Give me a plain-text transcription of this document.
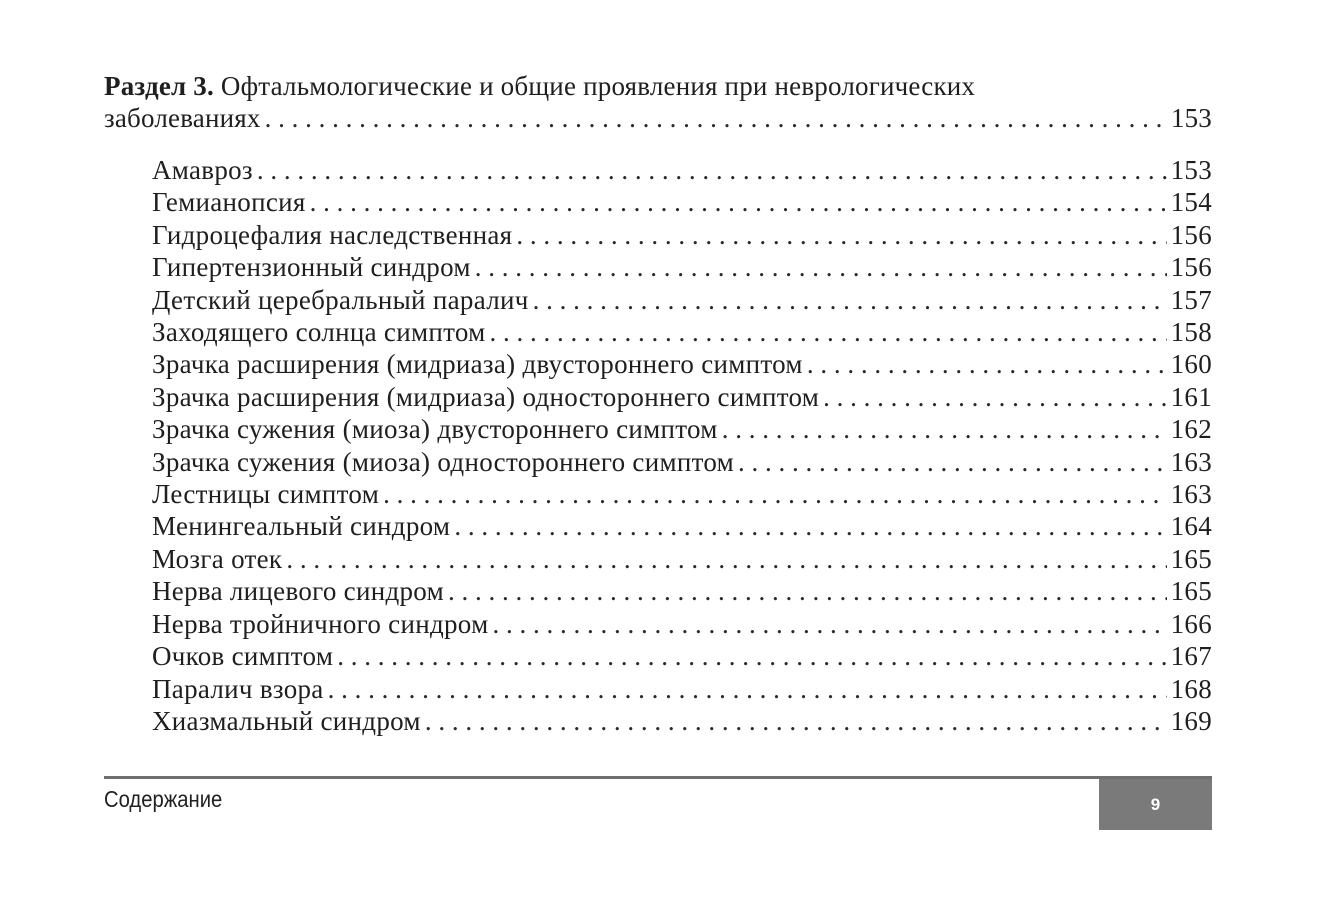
Раздел 3. Офтальмологические и общие проявления при неврологических
заболеваниях . . .	153
Амавроз . . .	153
Гемианопсия . . .	154
Гидроцефалия наследственная . . .	156
Гипертензионный синдром . . .	156
Детский церебральный паралич . . .	157
Заходящего солнца симптом . . .	158
Зрачка расширения (мидриаза) двустороннего симптом . . .	160
Зрачка расширения (мидриаза) одностороннего симптом . . .	161
Зрачка сужения (миоза) двустороннего симптом . . .	162
Зрачка сужения (миоза) одностороннего симптом . . .	163
Лестницы симптом . . .	163
Менингеальный синдром . . .	164
Мозга отек . . .	165
Нерва лицевого синдром . . .	165
Нерва тройничного синдром . . .	166
Очков симптом . . .	167
Паралич взора . . .	168
Хиазмальный синдром . . .	169
Содержание	9
